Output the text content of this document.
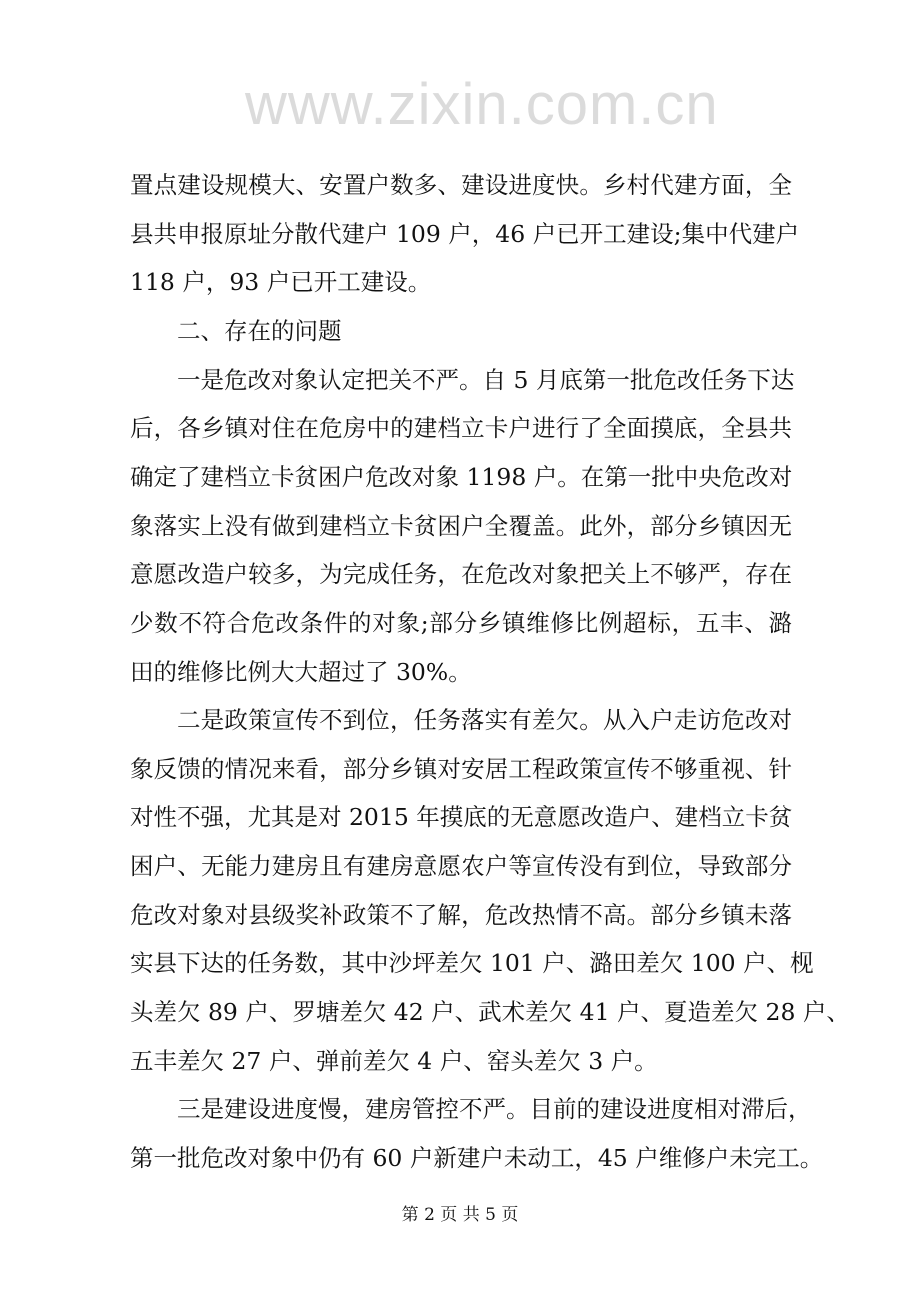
置点建设规模大、安置户数多、建设进度快。乡村代建方面，全
县共申报原址分散代建户 109 户，46 户已开工建设;集中代建户
118 户，93 户已开工建设。
二、存在的问题
一是危改对象认定把关不严。自 5 月底第一批危改任务下达
后，各乡镇对住在危房中的建档立卡户进行了全面摸底，全县共
确定了建档立卡贫困户危改对象 1198 户。在第一批中央危改对
象落实上没有做到建档立卡贫困户全覆盖。此外，部分乡镇因无
意愿改造户较多，为完成任务，在危改对象把关上不够严，存在
少数不符合危改条件的对象;部分乡镇维修比例超标，五丰、潞
田的维修比例大大超过了 30%。
二是政策宣传不到位，任务落实有差欠。从入户走访危改对
象反馈的情况来看，部分乡镇对安居工程政策宣传不够重视、针
对性不强，尤其是对 2015 年摸底的无意愿改造户、建档立卡贫
困户、无能力建房且有建房意愿农户等宣传没有到位，导致部分
危改对象对县级奖补政策不了解，危改热情不高。部分乡镇未落
实县下达的任务数，其中沙坪差欠 101 户、潞田差欠 100 户、枧
头差欠 89 户、罗塘差欠 42 户、武术差欠 41 户、夏造差欠 28 户、
五丰差欠 27 户、弹前差欠 4 户、窑头差欠 3 户。
三是建设进度慢，建房管控不严。目前的建设进度相对滞后，
第一批危改对象中仍有 60 户新建户未动工，45 户维修户未完工。
www.zixin.com.cn
第 2 页 共 5 页
